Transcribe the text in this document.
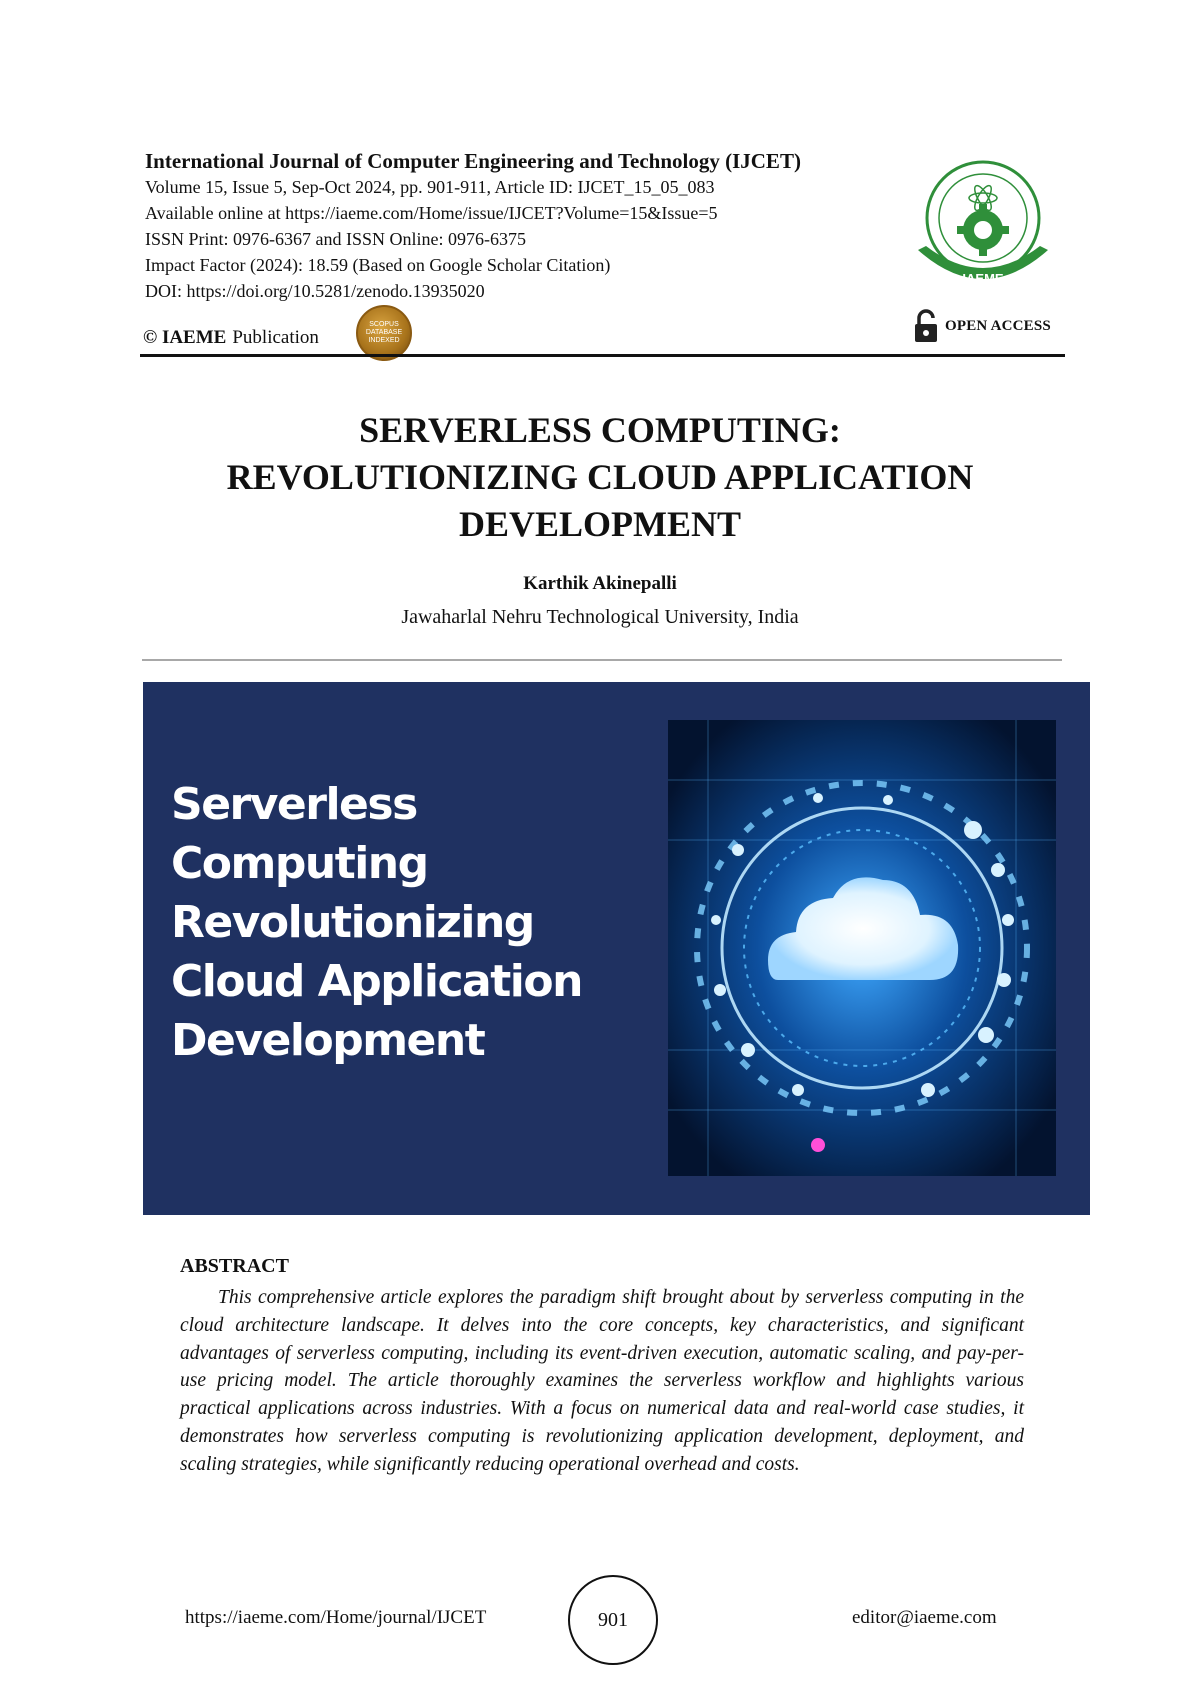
International Journal of Computer Engineering and Technology (IJCET)

Volume 15, Issue 5, Sep-Oct 2024, pp. 901-911, Article ID: IJCET_15_05_083

Available online at https://iaeme.com/Home/issue/IJCET?Volume=15&Issue=5

ISSN Print: 0976-6367 and ISSN Online: 0976-6375

Impact Factor (2024): 18.59 (Based on Google Scholar Citation)

DOI: https://doi.org/10.5281/zenodo.13935020

© IAEME Publication
SCOPUS DATABASE INDEXED
IAEME
OPEN ACCESS
SERVERLESS COMPUTING:
REVOLUTIONIZING CLOUD APPLICATION
DEVELOPMENT
Karthik Akinepalli
Jawaharlal Nehru Technological University, India
Serverless
Computing
Revolutionizing
Cloud Application
Development
ABSTRACT

This comprehensive article explores the paradigm shift brought about by serverless computing in the cloud architecture landscape. It delves into the core concepts, key characteristics, and significant advantages of serverless computing, including its event-driven execution, automatic scaling, and pay-per-use pricing model. The article thoroughly examines the serverless workflow and highlights various practical applications across industries. With a focus on numerical data and real-world case studies, it demonstrates how serverless computing is revolutionizing application development, deployment, and scaling strategies, while significantly reducing operational overhead and costs.

https://iaeme.com/Home/journal/IJCET	901	editor@iaeme.com
